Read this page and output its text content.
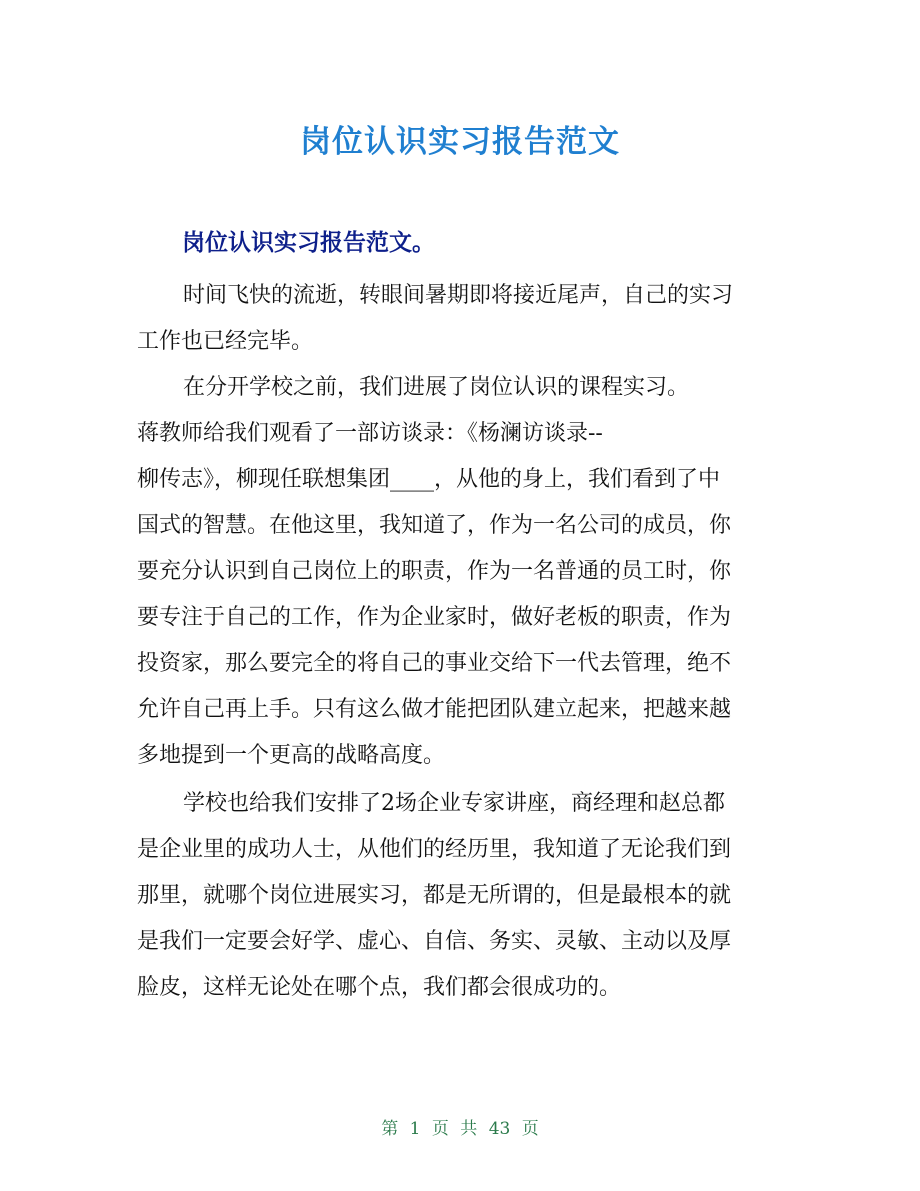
岗位认识实习报告范文
岗位认识实习报告范文。

时间飞快的流逝，转眼间暑期即将接近尾声，自己的实习
工作也已经完毕。

在分开学校之前，我们进展了岗位认识的课程实习。
蒋教师给我们观看了一部访谈录：《杨澜访谈录--
柳传志》，柳现任联想集团____，从他的身上，我们看到了中
国式的智慧。在他这里，我知道了，作为一名公司的成员，你
要充分认识到自己岗位上的职责，作为一名普通的员工时，你
要专注于自己的工作，作为企业家时，做好老板的职责，作为
投资家，那么要完全的将自己的事业交给下一代去管理，绝不
允许自己再上手。只有这么做才能把团队建立起来，把越来越
多地提到一个更高的战略高度。

学校也给我们安排了2场企业专家讲座，商经理和赵总都
是企业里的成功人士，从他们的经历里，我知道了无论我们到
那里，就哪个岗位进展实习，都是无所谓的，但是最根本的就
是我们一定要会好学、虚心、自信、务实、灵敏、主动以及厚
脸皮，这样无论处在哪个点，我们都会很成功的。

第 1 页 共 43 页
